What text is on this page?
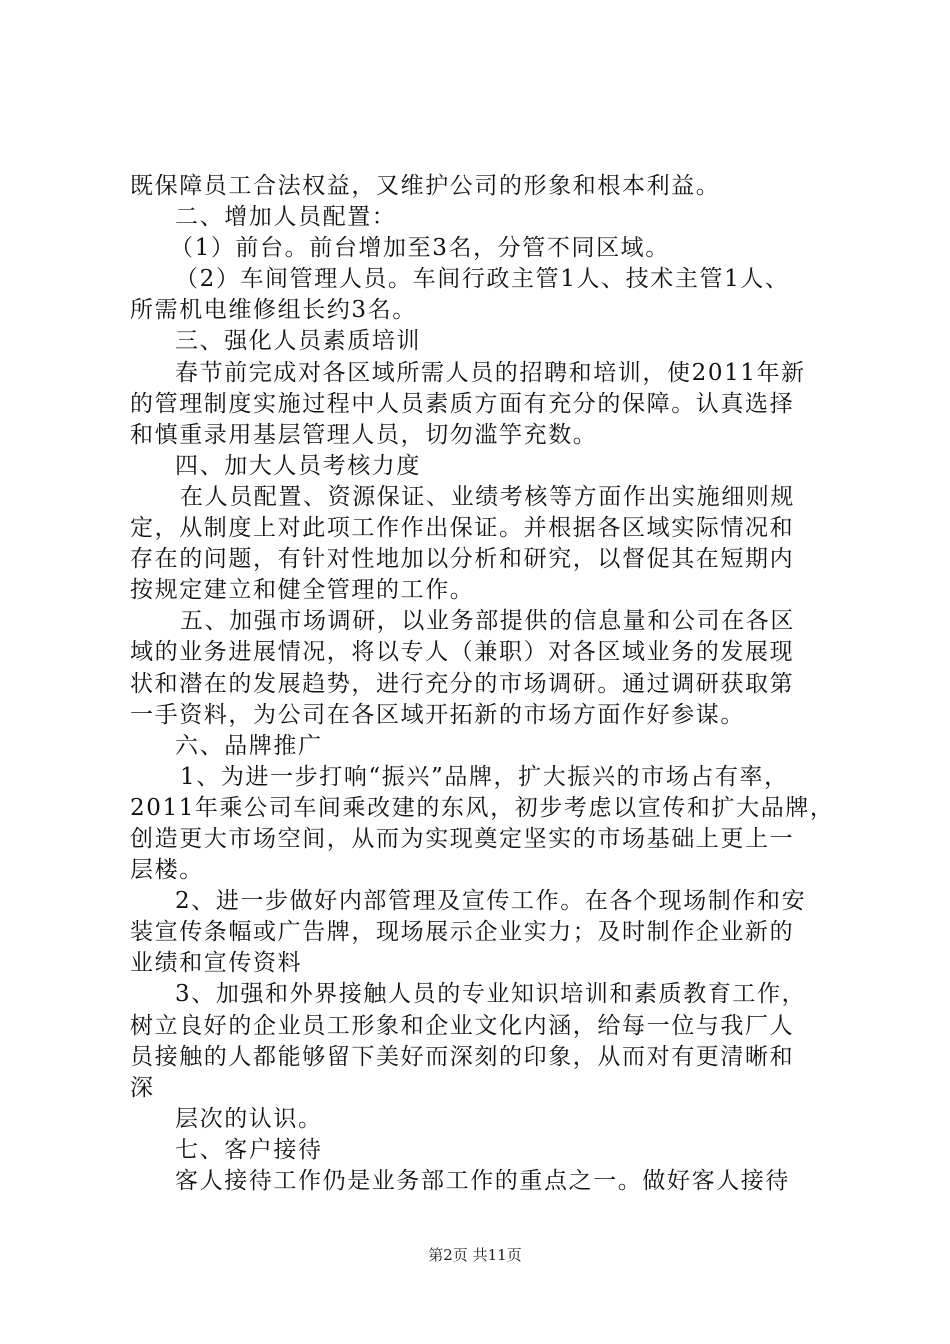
既保障员工合法权益，又维护公司的形象和根本利益。
二、增加人员配置：
（1）前台。前台增加至3名，分管不同区域。
（2）车间管理人员。车间行政主管1人、技术主管1人、
所需机电维修组长约3名。
三、强化人员素质培训
春节前完成对各区域所需人员的招聘和培训，使2011年新
的管理制度实施过程中人员素质方面有充分的保障。认真选择
和慎重录用基层管理人员，切勿滥竽充数。
四、加大人员考核力度
在人员配置、资源保证、业绩考核等方面作出实施细则规
定，从制度上对此项工作作出保证。并根据各区域实际情况和
存在的问题，有针对性地加以分析和研究，以督促其在短期内
按规定建立和健全管理的工作。
五、加强市场调研，以业务部提供的信息量和公司在各区
域的业务进展情况，将以专人（兼职）对各区域业务的发展现
状和潜在的发展趋势，进行充分的市场调研。通过调研获取第
一手资料，为公司在各区域开拓新的市场方面作好参谋。
六、品牌推广
1、为进一步打响“振兴”品牌，扩大振兴的市场占有率，
2011年乘公司车间乘改建的东风，初步考虑以宣传和扩大品牌，
创造更大市场空间，从而为实现奠定坚实的市场基础上更上一
层楼。
2、进一步做好内部管理及宣传工作。在各个现场制作和安
装宣传条幅或广告牌，现场展示企业实力；及时制作企业新的
业绩和宣传资料
3、加强和外界接触人员的专业知识培训和素质教育工作，
树立良好的企业员工形象和企业文化内涵，给每一位与我厂人
员接触的人都能够留下美好而深刻的印象，从而对有更清晰和
深
层次的认识。
七、客户接待
客人接待工作仍是业务部工作的重点之一。做好客人接待
第2页 共11页
